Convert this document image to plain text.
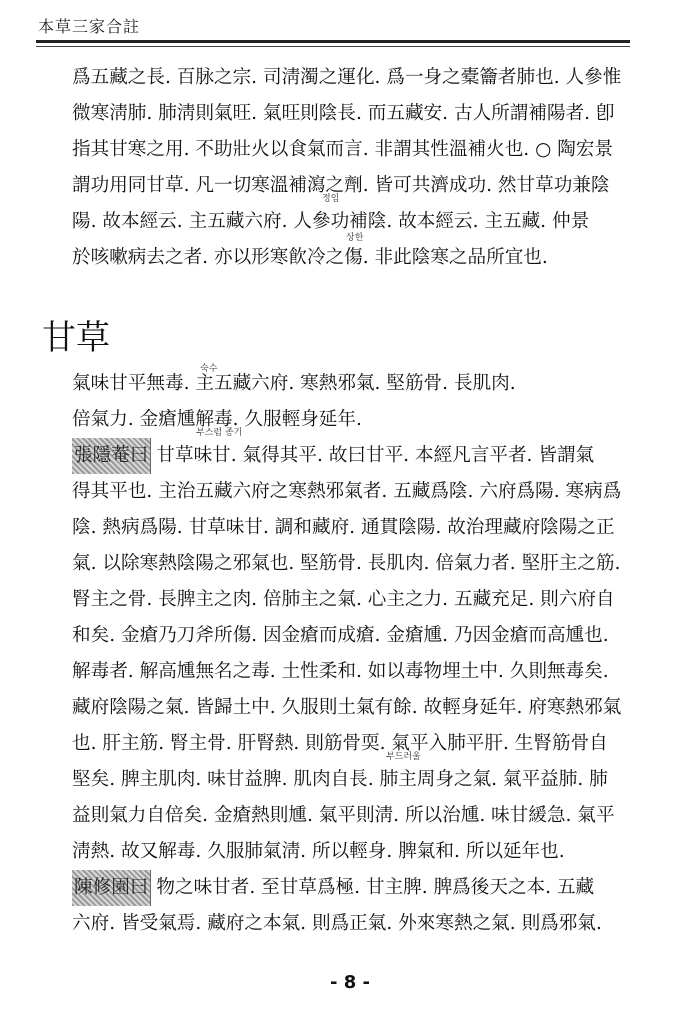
本草三家合註
爲五藏之長. 百脉之宗. 司淸濁之運化. 爲一身之橐籥者肺也. 人參惟
微寒淸肺. 肺淸則氣旺. 氣旺則陰長. 而五藏安. 古人所謂補陽者. 卽
指其甘寒之用. 不助壯火以食氣而言. 非謂其性溫補火也. ○ 陶宏景
謂功用同甘草. 凡一切寒溫補瀉之劑. 皆可共濟成功. 然甘草功兼陰
陽. 故本經云. 主五藏六府. 人參功補陰. 故本經云. 主五藏. 仲景
於咳嗽病去之者. 亦以形寒飮冷之傷. 非此陰寒之品所宜也.
정임
상한
甘草
氣味甘平無毒. 主五藏六府. 寒熱邪氣. 堅筋骨. 長肌肉.
倍氣力. 金瘡尰解毒. 久服輕身延年.
숙수
부스럼 종기
張隱菴曰 甘草味甘. 氣得其平. 故曰甘平. 本經凡言平者. 皆謂氣
得其平也. 主治五藏六府之寒熱邪氣者. 五藏爲陰. 六府爲陽. 寒病爲
陰. 熱病爲陽. 甘草味甘. 調和藏府. 通貫陰陽. 故治理藏府陰陽之正
氣. 以除寒熱陰陽之邪氣也. 堅筋骨. 長肌肉. 倍氣力者. 堅肝主之筋.
腎主之骨. 長脾主之肉. 倍肺主之氣. 心主之力. 五藏充足. 則六府自
和矣. 金瘡乃刀斧所傷. 因金瘡而成瘡. 金瘡尰. 乃因金瘡而高尰也.
解毒者. 解高尰無名之毒. 土性柔和. 如以毒物埋土中. 久則無毒矣.
藏府陰陽之氣. 皆歸土中. 久服則土氣有餘. 故輕身延年. 府寒熱邪氣
也. 肝主筋. 腎主骨. 肝腎熱. 則筋骨耎. 氣平入肺平肝. 生腎筋骨自
堅矣. 脾主肌肉. 味甘益脾. 肌肉自長. 肺主周身之氣. 氣平益肺. 肺
益則氣力自倍矣. 金瘡熱則尰. 氣平則淸. 所以治尰. 味甘緩急. 氣平
淸熱. 故又解毒. 久服肺氣淸. 所以輕身. 脾氣和. 所以延年也.
부드러울
陳修園曰 物之味甘者. 至甘草爲極. 甘主脾. 脾爲後天之本. 五藏
六府. 皆受氣焉. 藏府之本氣. 則爲正氣. 外來寒熱之氣. 則爲邪氣.
- 8 -
